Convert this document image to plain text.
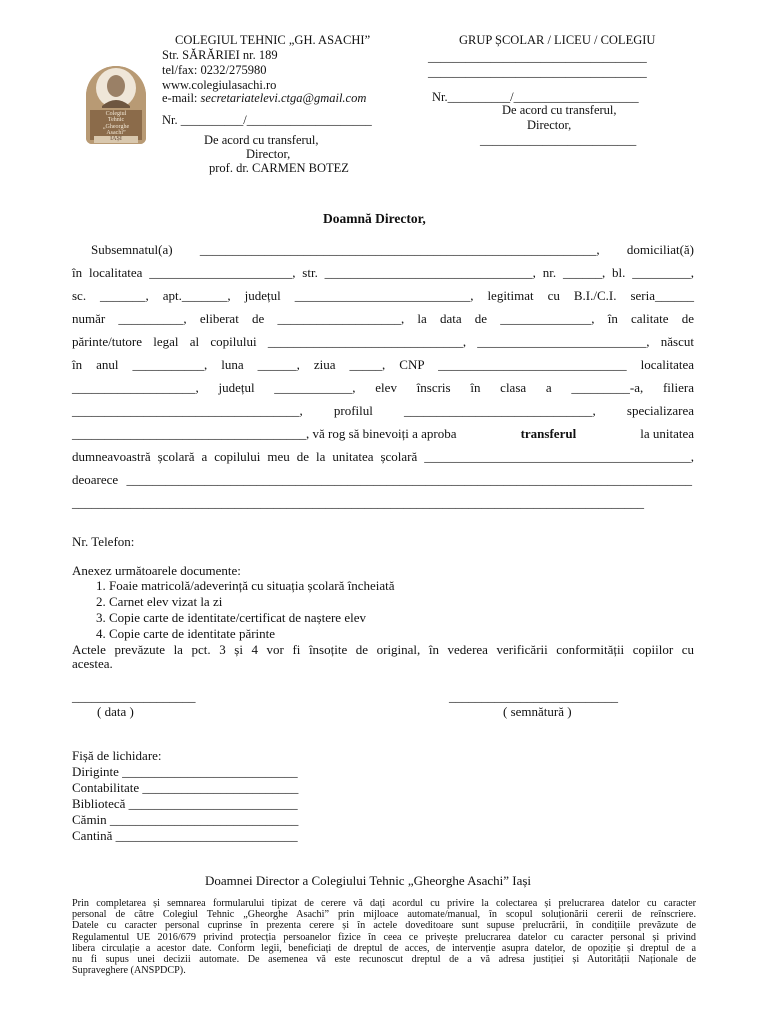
Colegiul
Tehnic
„Gheorghe
Asachi”
IAȘI
COLEGIUL TEHNIC „GH. ASACHI”
Str. SĂRĂRIEI nr. 189
tel/fax: 0232/275980
www.colegiulasachi.ro
e-mail: secretariatelevi.ctga@gmail.com
Nr. __________/____________________
De acord cu transferul,
Director,
prof. dr. CARMEN BOTEZ
GRUP ȘCOLAR / LICEU / COLEGIU
___________________________________
___________________________________
Nr.__________/____________________
De acord cu transferul,
Director,
_________________________
Doamnă Director,
Subsemnatul(a) _____________________________________________________________, domiciliat(ă)
în localitatea ______________________, str. ________________________________, nr. ______, bl. _________,
sc. _______, apt._______, județul ___________________________, legitimat cu B.I./C.I. seria______
număr __________, eliberat de ___________________, la data de ______________, în calitate de
părinte/tutore legal al copilului ______________________________, __________________________, născut
în anul ___________, luna ______, ziua _____, CNP _____________________________ localitatea
___________________, județul ____________, elev înscris în clasa a _________-a, filiera
___________________________________, profilul _____________________________, specializarea
____________________________________, vă rog să binevoiți a aproba	transferul	la unitatea
dumneavoastră școlară a copilului meu de la unitatea școlară _________________________________________,
deoarece _______________________________________________________________________________________
________________________________________________________________________________________
Nr. Telefon:
Anexez următoarele documente:
1. Foaie matricolă/adeverință cu situația școlară încheiată
2. Carnet elev vizat la zi
3. Copie carte de identitate/certificat de naștere elev
4. Copie carte de identitate părinte
Actele prevăzute la pct. 3 și 4 vor fi însoțite de original, în vederea verificării conformității copiilor cu
acestea.
___________________
( data )
__________________________
( semnătură )
Fișă de lichidare:
Diriginte ___________________________
Contabilitate ________________________
Bibliotecă __________________________
Cămin _____________________________
Cantină ____________________________
Doamnei Director a Colegiului Tehnic „Gheorghe Asachi” Iași
Prin completarea și semnarea formularului tipizat de cerere vă dați acordul cu privire la colectarea și prelucrarea datelor cu caracter
personal de către Colegiul Tehnic „Gheorghe Asachi” prin mijloace automate/manual, în scopul soluționării cererii de reînscriere.
Datele cu caracter personal cuprinse în prezenta cerere și în actele doveditoare sunt supuse prelucrării, în condițiile prevăzute de
Regulamentul UE 2016/679 privind protecția persoanelor fizice în ceea ce privește prelucrarea datelor cu caracter personal și privind
libera circulație a acestor date. Conform legii, beneficiați de dreptul de acces, de intervenție asupra datelor, de opoziție și dreptul de a
nu fi supus unei decizii automate. De asemenea vă este recunoscut dreptul de a vă adresa justiției și Autorității Naționale de
Supraveghere (ANSPDCP).
